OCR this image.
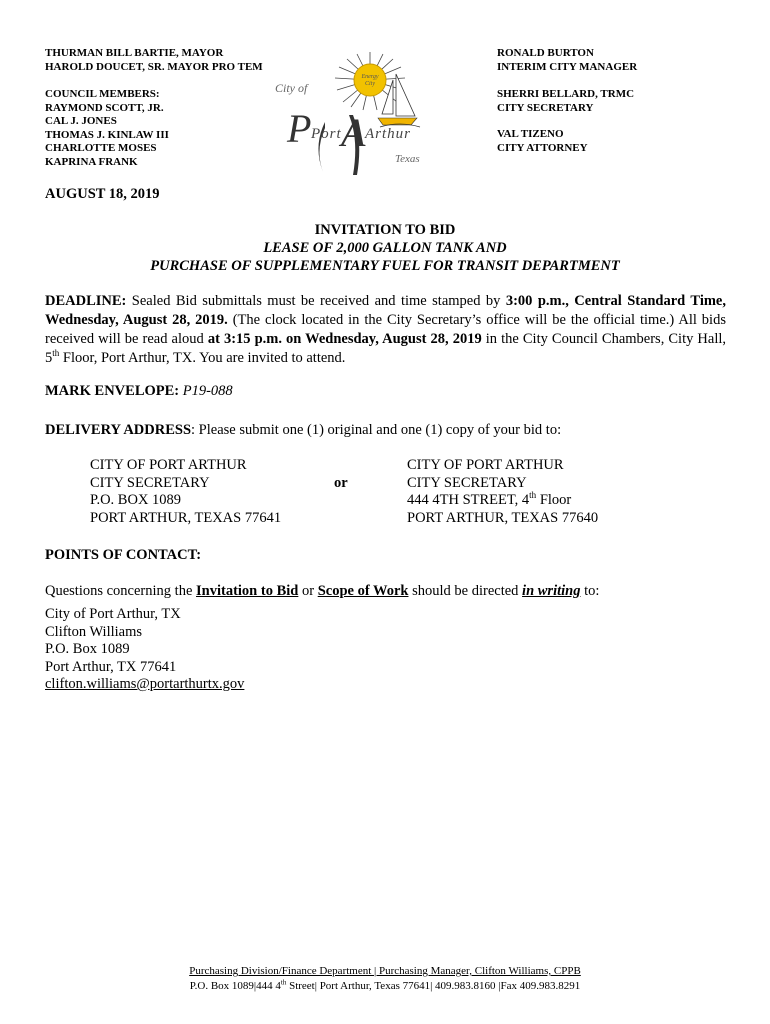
THURMAN BILL BARTIE, MAYOR
HAROLD DOUCET, SR. MAYOR PRO TEM
COUNCIL MEMBERS:
RAYMOND SCOTT, JR.
CAL J. JONES
THOMAS J. KINLAW III
CHARLOTTE MOSES
KAPRINA FRANK
RONALD BURTON
INTERIM CITY MANAGER
SHERRI BELLARD, TRMC
CITY SECRETARY
VAL TIZENO
CITY ATTORNEY
Energy
City
City of
P Port A Arthur
Texas
AUGUST 18, 2019
INVITATION TO BID
LEASE OF 2,000 GALLON TANK AND
PURCHASE OF SUPPLEMENTARY FUEL FOR TRANSIT DEPARTMENT
DEADLINE: Sealed Bid submittals must be received and time stamped by 3:00 p.m., Central Standard Time, Wednesday, August 28, 2019. (The clock located in the City Secretary’s office will be the official time.) All bids received will be read aloud at 3:15 p.m. on Wednesday, August 28, 2019 in the City Council Chambers, City Hall, 5th Floor, Port Arthur, TX. You are invited to attend.
MARK ENVELOPE: P19-088
DELIVERY ADDRESS: Please submit one (1) original and one (1) copy of your bid to:
CITY OF PORT ARTHUR
CITY SECRETARY
P.O. BOX 1089
PORT ARTHUR, TEXAS 77641
or
CITY OF PORT ARTHUR
CITY SECRETARY
444 4TH STREET, 4th Floor
PORT ARTHUR, TEXAS 77640
POINTS OF CONTACT:
Questions concerning the Invitation to Bid or Scope of Work should be directed in writing to:
City of Port Arthur, TX
Clifton Williams
P.O. Box 1089
Port Arthur, TX 77641
clifton.williams@portarthurtx.gov
Purchasing Division/Finance Department | Purchasing Manager, Clifton Williams, CPPB
P.O. Box 1089|444 4th Street| Port Arthur, Texas 77641| 409.983.8160 |Fax 409.983.8291
